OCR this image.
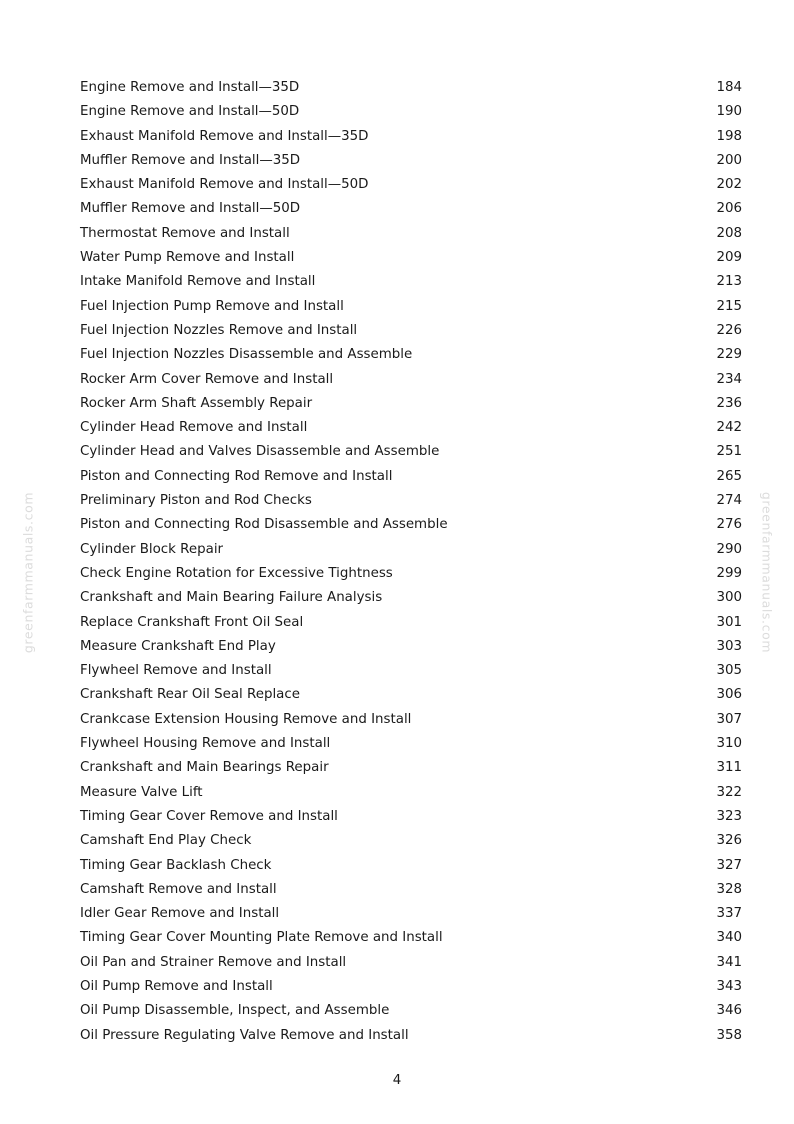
greenfarmmanuals.com	greenfarmmanuals.com
Engine Remove and Install—35D	184
Engine Remove and Install—50D	190
Exhaust Manifold Remove and Install—35D	198
Muffler Remove and Install—35D	200
Exhaust Manifold Remove and Install—50D	202
Muffler Remove and Install—50D	206
Thermostat Remove and Install	208
Water Pump Remove and Install	209
Intake Manifold Remove and Install	213
Fuel Injection Pump Remove and Install	215
Fuel Injection Nozzles Remove and Install	226
Fuel Injection Nozzles Disassemble and Assemble	229
Rocker Arm Cover Remove and Install	234
Rocker Arm Shaft Assembly Repair	236
Cylinder Head Remove and Install	242
Cylinder Head and Valves Disassemble and Assemble	251
Piston and Connecting Rod Remove and Install	265
Preliminary Piston and Rod Checks	274
Piston and Connecting Rod Disassemble and Assemble	276
Cylinder Block Repair	290
Check Engine Rotation for Excessive Tightness	299
Crankshaft and Main Bearing Failure Analysis	300
Replace Crankshaft Front Oil Seal	301
Measure Crankshaft End Play	303
Flywheel Remove and Install	305
Crankshaft Rear Oil Seal Replace	306
Crankcase Extension Housing Remove and Install	307
Flywheel Housing Remove and Install	310
Crankshaft and Main Bearings Repair	311
Measure Valve Lift	322
Timing Gear Cover Remove and Install	323
Camshaft End Play Check	326
Timing Gear Backlash Check	327
Camshaft Remove and Install	328
Idler Gear Remove and Install	337
Timing Gear Cover Mounting Plate Remove and Install	340
Oil Pan and Strainer Remove and Install	341
Oil Pump Remove and Install	343
Oil Pump Disassemble, Inspect, and Assemble	346
Oil Pressure Regulating Valve Remove and Install	358
4
